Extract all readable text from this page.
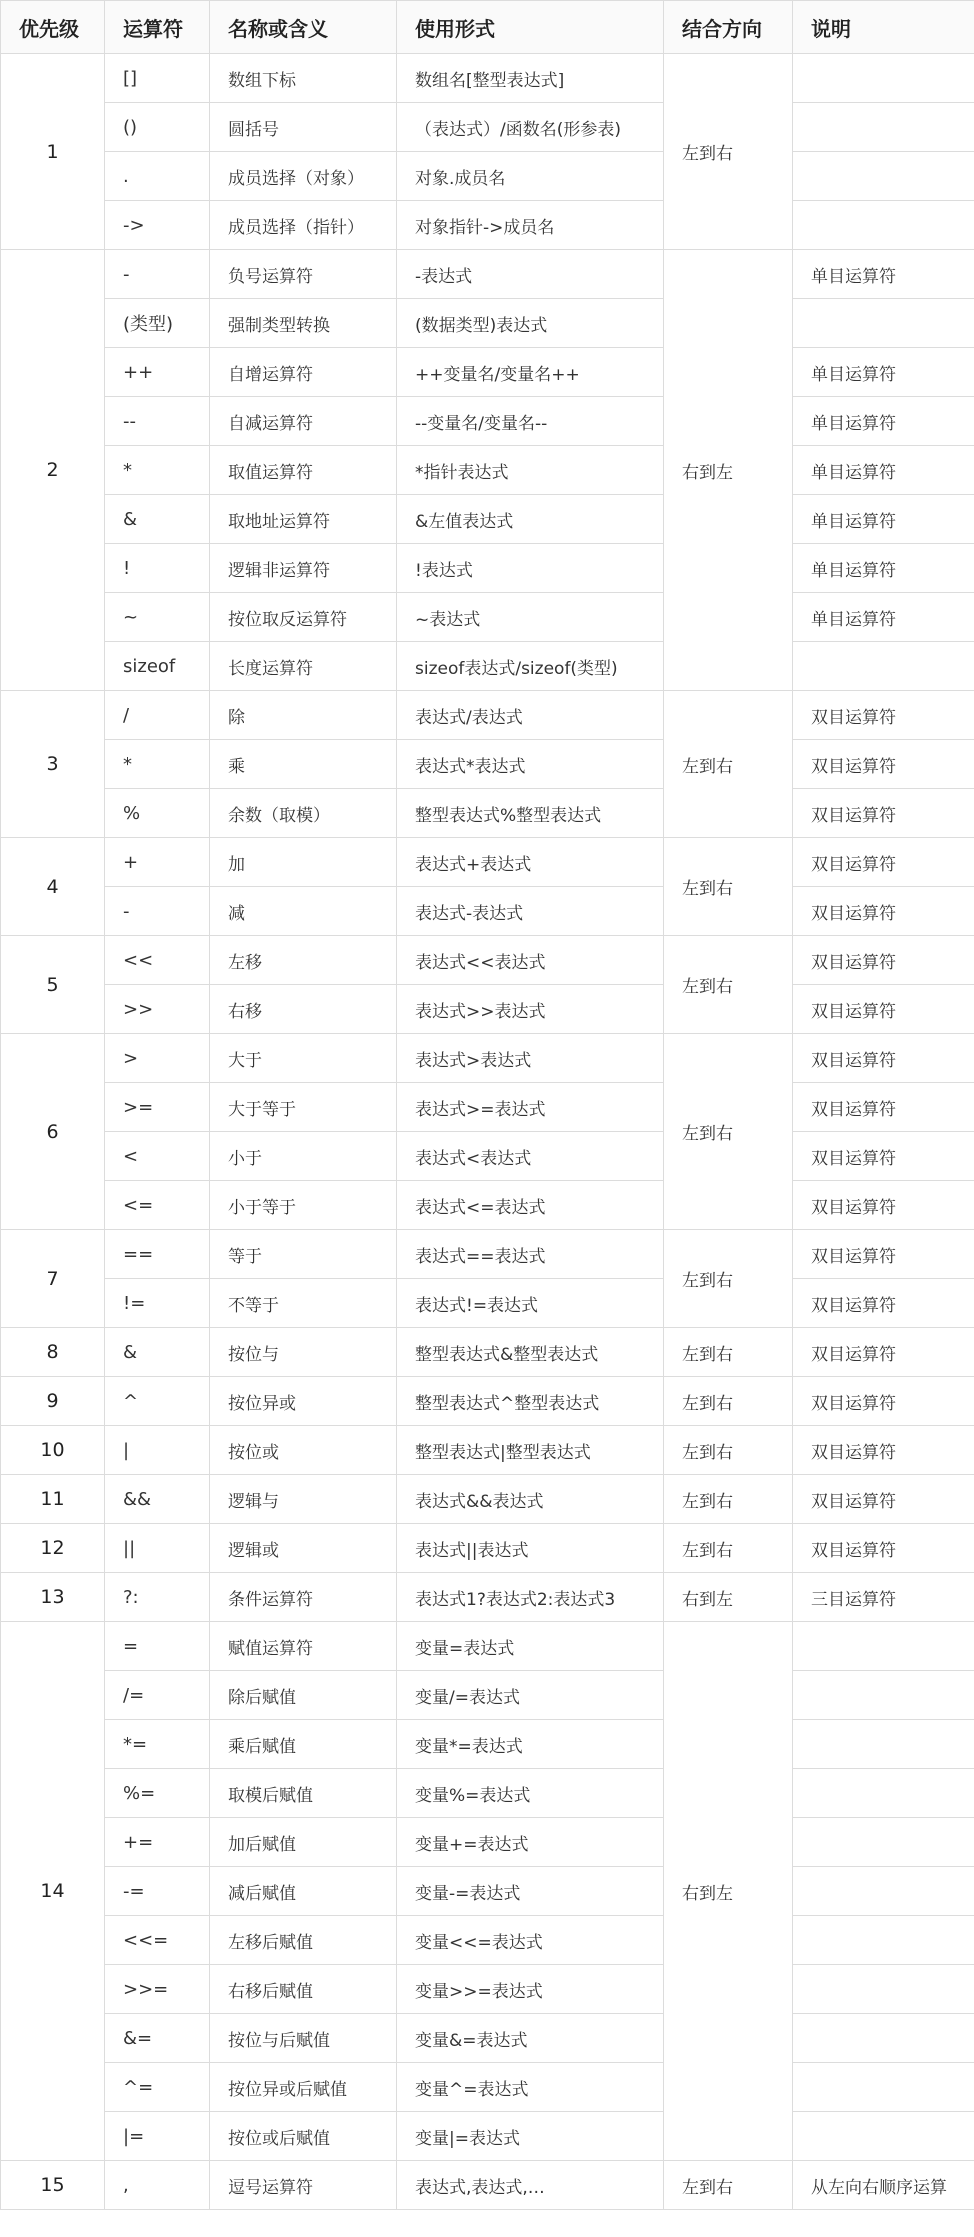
优先级	运算符	名称或含义	使用形式	结合方向	说明
1	[]	数组下标	数组名[整型表达式]	左到右	
	()	圆括号	（表达式）/函数名(形参表)		
	.	成员选择（对象）	对象.成员名		
	->	成员选择（指针）	对象指针->成员名		
2	-	负号运算符	-表达式	右到左	单目运算符
	(类型)	强制类型转换	(数据类型)表达式		
	++	自增运算符	++变量名/变量名++		单目运算符
	--	自减运算符	--变量名/变量名--		单目运算符
	*	取值运算符	*指针表达式		单目运算符
	&	取地址运算符	&左值表达式		单目运算符
	!	逻辑非运算符	!表达式		单目运算符
	~	按位取反运算符	~表达式		单目运算符
	sizeof	长度运算符	sizeof表达式/sizeof(类型)		
3	/	除	表达式/表达式	左到右	双目运算符
	*	乘	表达式*表达式		双目运算符
	%	余数（取模）	整型表达式%整型表达式		双目运算符
4	+	加	表达式+表达式	左到右	双目运算符
	-	减	表达式-表达式		双目运算符
5	<<	左移	表达式<<表达式	左到右	双目运算符
	>>	右移	表达式>>表达式		双目运算符
6	>	大于	表达式>表达式	左到右	双目运算符
	>=	大于等于	表达式>=表达式		双目运算符
	<	小于	表达式<表达式		双目运算符
	<=	小于等于	表达式<=表达式		双目运算符
7	==	等于	表达式==表达式	左到右	双目运算符
	!=	不等于	表达式!=表达式		双目运算符
8	&	按位与	整型表达式&整型表达式	左到右	双目运算符
9	^	按位异或	整型表达式^整型表达式	左到右	双目运算符
10	|	按位或	整型表达式|整型表达式	左到右	双目运算符
11	&&	逻辑与	表达式&&表达式	左到右	双目运算符
12	||	逻辑或	表达式||表达式	左到右	双目运算符
13	?:	条件运算符	表达式1?表达式2:表达式3	右到左	三目运算符
14	=	赋值运算符	变量=表达式	右到左	
	/=	除后赋值	变量/=表达式		
	*=	乘后赋值	变量*=表达式		
	%=	取模后赋值	变量%=表达式		
	+=	加后赋值	变量+=表达式		
	-=	减后赋值	变量-=表达式		
	<<=	左移后赋值	变量<<=表达式		
	>>=	右移后赋值	变量>>=表达式		
	&=	按位与后赋值	变量&=表达式		
	^=	按位异或后赋值	变量^=表达式		
	|=	按位或后赋值	变量|=表达式		
15	,	逗号运算符	表达式,表达式,…	左到右	从左向右顺序运算
